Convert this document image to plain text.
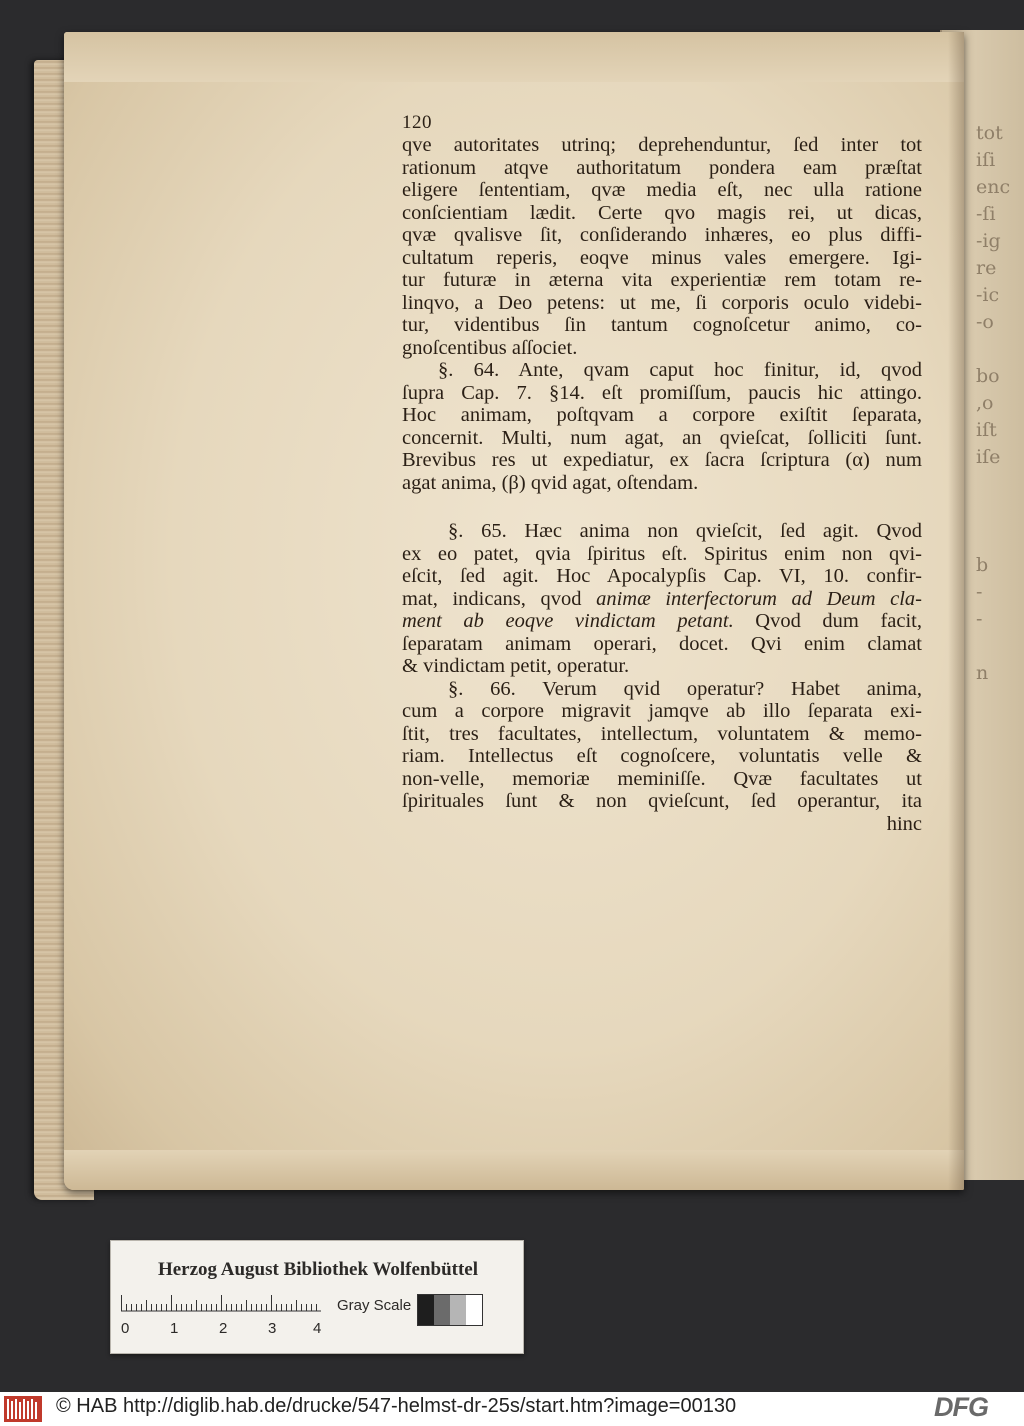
tot
iſi
enc
-ſi
-ig
re
-ic
-o

bo
,o
iſt
iſe

b
-
-

n

120
qve autoritates utrinq; deprehenduntur, ſed inter tot
rationum atqve authoritatum pondera eam præſtat
eligere ſententiam, qvæ media eſt, nec ulla ratione
conſcientiam lædit. Certe qvo magis rei, ut dicas,
qvæ qvalisve ſit, conſiderando inhæres, eo plus diffi-
cultatum reperis, eoqve minus vales emergere. Igi-
tur futuræ in æterna vita experientiæ rem totam re-
linqvo, a Deo petens: ut me, ſi corporis oculo videbi-
tur, videntibus ſin tantum cognoſcetur animo, co-
gnoſcentibus aſſociet.
§. 64. Ante, qvam caput hoc finitur, id, qvod
ſupra Cap. 7. §14. eſt promiſſum, paucis hic attingo.
Hoc animam, poſtqvam a corpore exiſtit ſeparata,
concernit. Multi, num agat, an qvieſcat, ſolliciti ſunt.
Brevibus res ut expediatur, ex ſacra ſcriptura (α) num
agat anima, (β) qvid agat, oſtendam.
§. 65. Hæc anima non qvieſcit, ſed agit. Qvod
ex eo patet, qvia ſpiritus eſt. Spiritus enim non qvi-
eſcit, ſed agit. Hoc Apocalypſis Cap. VI, 10. confir-
mat, indicans, qvod animæ interfectorum ad Deum cla-
ment ab eoqve vindictam petant. Qvod dum facit,
ſeparatam animam operari, docet. Qvi enim clamat
& vindictam petit, operatur.
§. 66. Verum qvid operatur? Habet anima,
cum a corpore migravit jamqve ab illo ſeparata exi-
ſtit, tres facultates, intellectum, voluntatem & memo-
riam. Intellectus eſt cognoſcere, voluntatis velle &
non-velle, memoriæ meminiſſe. Qvæ facultates ut
ſpirituales ſunt & non qvieſcunt, ſed operantur, ita
hinc
Herzog August Bibliothek Wolfenbüttel
0	1	2	3 4
Gray Scale
© HAB http://diglib.hab.de/drucke/547-helmst-dr-25s/start.htm?image=00130	DFG
